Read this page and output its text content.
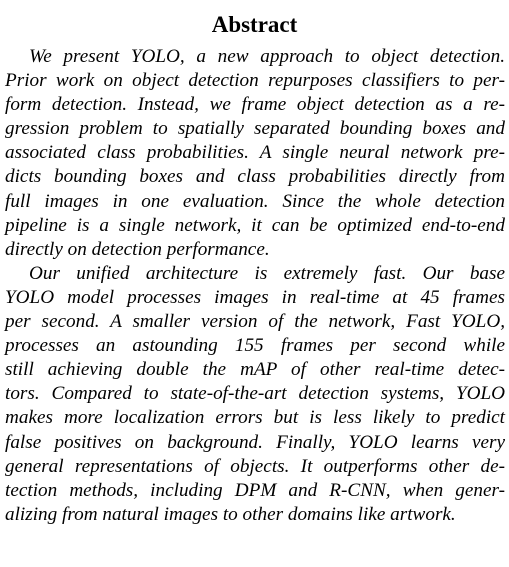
Abstract
We present YOLO, a new approach to object detection.
Prior work on object detection repurposes classifiers to per-
form detection. Instead, we frame object detection as a re-
gression problem to spatially separated bounding boxes and
associated class probabilities. A single neural network pre-
dicts bounding boxes and class probabilities directly from
full images in one evaluation. Since the whole detection
pipeline is a single network, it can be optimized end-to-end
directly on detection performance.
Our unified architecture is extremely fast. Our base
YOLO model processes images in real-time at 45 frames
per second. A smaller version of the network, Fast YOLO,
processes an astounding 155 frames per second while
still achieving double the mAP of other real-time detec-
tors. Compared to state-of-the-art detection systems, YOLO
makes more localization errors but is less likely to predict
false positives on background. Finally, YOLO learns very
general representations of objects. It outperforms other de-
tection methods, including DPM and R-CNN, when gener-
alizing from natural images to other domains like artwork.
